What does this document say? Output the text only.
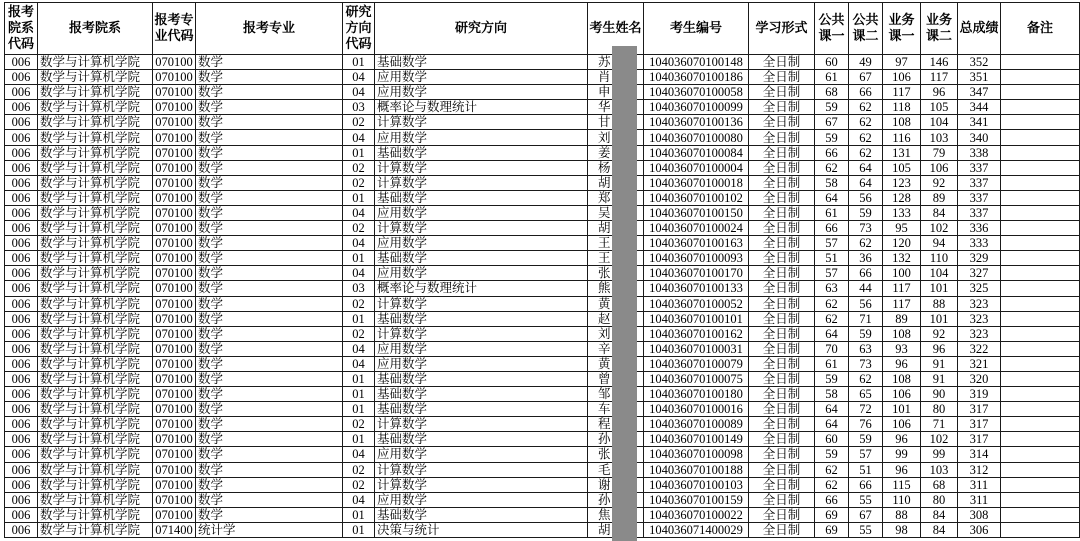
报考院系代码	报考院系	报考专业代码	报考专业	研究方向代码	研究方向	考生姓名	考生编号	学习形式	公共课一	公共课二	业务课一	业务课二	总成绩	备注
006	数学与计算机学院	070100	数学	01	基础数学	苏	104036070100148	全日制	60	49	97	146	352	
006	数学与计算机学院	070100	数学	04	应用数学	肖	104036070100186	全日制	61	67	106	117	351	
006	数学与计算机学院	070100	数学	04	应用数学	申	104036070100058	全日制	68	66	117	96	347	
006	数学与计算机学院	070100	数学	03	概率论与数理统计	华	104036070100099	全日制	59	62	118	105	344	
006	数学与计算机学院	070100	数学	02	计算数学	甘	104036070100136	全日制	67	62	108	104	341	
006	数学与计算机学院	070100	数学	04	应用数学	刘	104036070100080	全日制	59	62	116	103	340	
006	数学与计算机学院	070100	数学	01	基础数学	姜	104036070100084	全日制	66	62	131	79	338	
006	数学与计算机学院	070100	数学	02	计算数学	杨	104036070100004	全日制	62	64	105	106	337	
006	数学与计算机学院	070100	数学	02	计算数学	胡	104036070100018	全日制	58	64	123	92	337	
006	数学与计算机学院	070100	数学	01	基础数学	郑	104036070100102	全日制	64	56	128	89	337	
006	数学与计算机学院	070100	数学	04	应用数学	吴	104036070100150	全日制	61	59	133	84	337	
006	数学与计算机学院	070100	数学	02	计算数学	胡	104036070100024	全日制	66	73	95	102	336	
006	数学与计算机学院	070100	数学	04	应用数学	王	104036070100163	全日制	57	62	120	94	333	
006	数学与计算机学院	070100	数学	01	基础数学	王	104036070100093	全日制	51	36	132	110	329	
006	数学与计算机学院	070100	数学	04	应用数学	张	104036070100170	全日制	57	66	100	104	327	
006	数学与计算机学院	070100	数学	03	概率论与数理统计	熊	104036070100133	全日制	63	44	117	101	325	
006	数学与计算机学院	070100	数学	02	计算数学	黄	104036070100052	全日制	62	56	117	88	323	
006	数学与计算机学院	070100	数学	01	基础数学	赵	104036070100101	全日制	62	71	89	101	323	
006	数学与计算机学院	070100	数学	02	计算数学	刘	104036070100162	全日制	64	59	108	92	323	
006	数学与计算机学院	070100	数学	04	应用数学	辛	104036070100031	全日制	70	63	93	96	322	
006	数学与计算机学院	070100	数学	04	应用数学	黄	104036070100079	全日制	61	73	96	91	321	
006	数学与计算机学院	070100	数学	01	基础数学	曾	104036070100075	全日制	59	62	108	91	320	
006	数学与计算机学院	070100	数学	01	基础数学	邹	104036070100180	全日制	58	65	106	90	319	
006	数学与计算机学院	070100	数学	01	基础数学	车	104036070100016	全日制	64	72	101	80	317	
006	数学与计算机学院	070100	数学	02	计算数学	程	104036070100089	全日制	64	76	106	71	317	
006	数学与计算机学院	070100	数学	01	基础数学	孙	104036070100149	全日制	60	59	96	102	317	
006	数学与计算机学院	070100	数学	04	应用数学	张	104036070100098	全日制	59	57	99	99	314	
006	数学与计算机学院	070100	数学	02	计算数学	毛	104036070100188	全日制	62	51	96	103	312	
006	数学与计算机学院	070100	数学	02	计算数学	谢	104036070100103	全日制	62	66	115	68	311	
006	数学与计算机学院	070100	数学	04	应用数学	孙	104036070100159	全日制	66	55	110	80	311	
006	数学与计算机学院	070100	数学	01	基础数学	焦	104036070100022	全日制	69	67	88	84	308	
006	数学与计算机学院	071400	统计学	01	决策与统计	胡	104036071400029	全日制	69	55	98	84	306	
